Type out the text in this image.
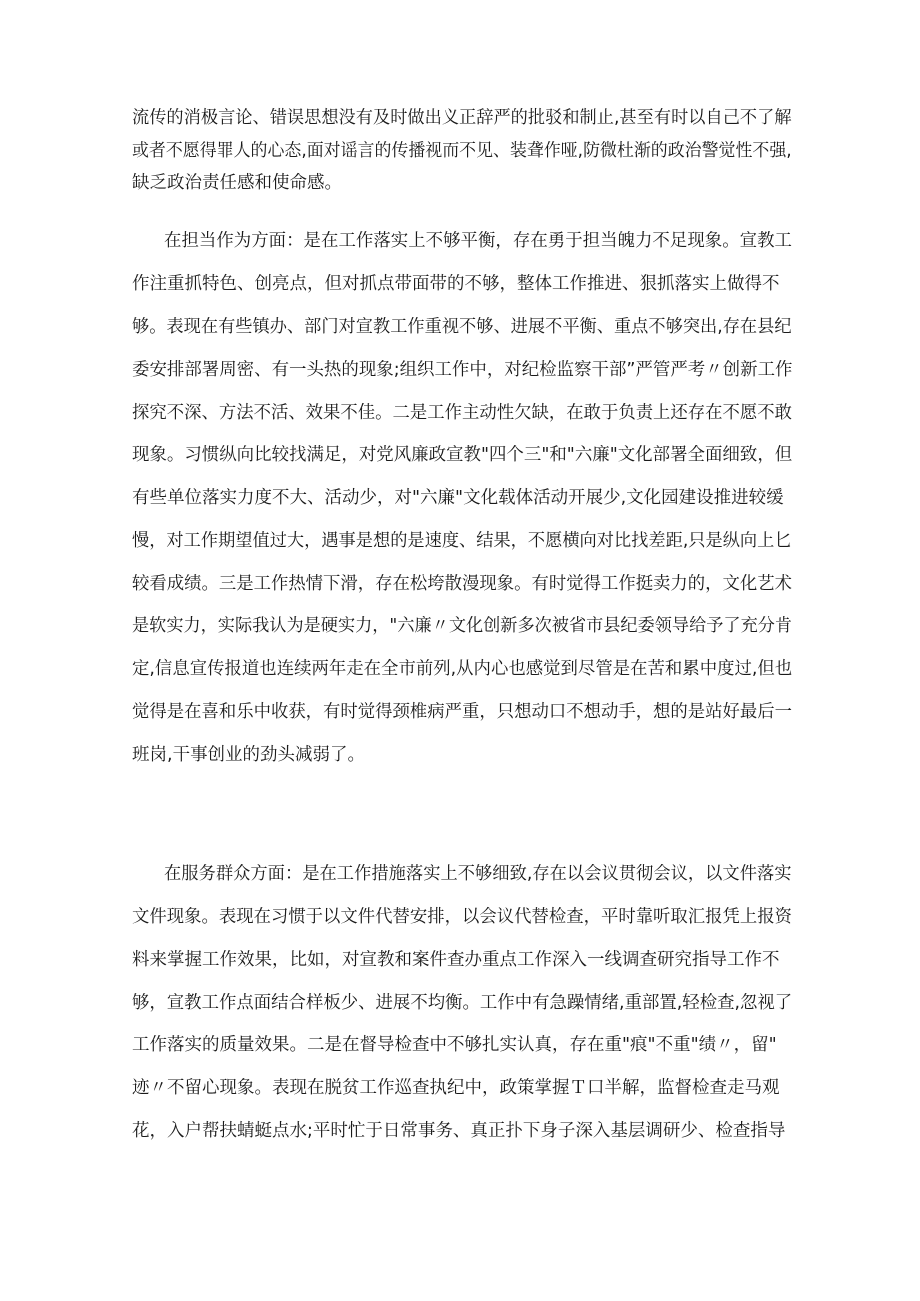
流传的消极言论、错误思想没有及时做出义正辞严的批驳和制止,甚至有时以自己不了解
或者不愿得罪人的心态,面对谣言的传播视而不见、装聋作哑,防微杜渐的政治警觉性不强,
缺乏政治责任感和使命感。
在担当作为方面：是在工作落实上不够平衡，存在勇于担当魄力不足现象。宣教工
作注重抓特色、创亮点，但对抓点带面带的不够，整体工作推进、狠抓落实上做得不
够。表现在有些镇办、部门对宣教工作重视不够、进展不平衡、重点不够突出,存在县纪
委安排部署周密、有一头热的现象;组织工作中，对纪检监察干部”严管严考〃创新工作
探究不深、方法不活、效果不佳。二是工作主动性欠缺，在敢于负责上还存在不愿不敢
现象。习惯纵向比较找满足，对党风廉政宣教"四个三"和"六廉"文化部署全面细致，但
有些单位落实力度不大、活动少，对"六廉"文化载体活动开展少,文化园建设推进较缓
慢，对工作期望值过大，遇事是想的是速度、结果，不愿横向对比找差距,只是纵向上匕
较看成绩。三是工作热情下滑，存在松垮散漫现象。有时觉得工作挺卖力的，文化艺术
是软实力，实际我认为是硬实力，"六廉〃文化创新多次被省市县纪委领导给予了充分肯
定,信息宣传报道也连续两年走在全市前列,从内心也感觉到尽管是在苦和累中度过,但也
觉得是在喜和乐中收获，有时觉得颈椎病严重，只想动口不想动手，想的是站好最后一
班岗,干事创业的劲头减弱了。
在服务群众方面：是在工作措施落实上不够细致,存在以会议贯彻会议，以文件落实
文件现象。表现在习惯于以文件代替安排，以会议代替检查，平时靠听取汇报凭上报资
料来掌握工作效果，比如，对宣教和案件查办重点工作深入一线调查研究指导工作不
够，宣教工作点面结合样板少、进展不均衡。工作中有急躁情绪,重部置,轻检查,忽视了
工作落实的质量效果。二是在督导检查中不够扎实认真，存在重"痕"不重"绩〃，留"
迹〃不留心现象。表现在脱贫工作巡查执纪中，政策掌握Ｔ口半解，监督检查走马观
花，入户帮扶蜻蜓点水;平时忙于日常事务、真正扑下身子深入基层调研少、检查指导
